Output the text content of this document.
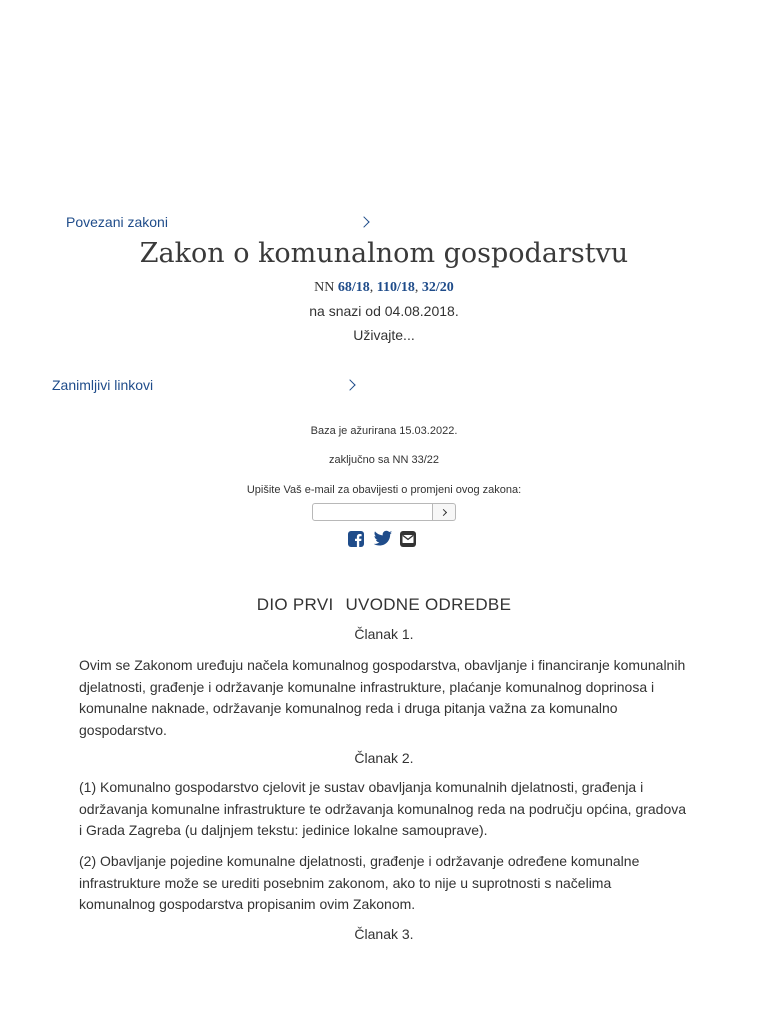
Povezani zakoni
Zakon o komunalnom gospodarstvu
NN 68/18, 110/18, 32/20
na snazi od 04.08.2018.
Uživajte...
Zanimljivi linkovi
Baza je ažurirana 15.03.2022.
zaključno sa NN 33/22
Upišite Vaš e-mail za obavijesti o promjeni ovog zakona:
DIO PRVI UVODNE ODREDBE
Članak 1.

Ovim se Zakonom uređuju načela komunalnog gospodarstva, obavljanje i financiranje komunalnih djelatnosti, građenje i održavanje komunalne infrastrukture, plaćanje komunalnog doprinosa i komunalne naknade, održavanje komunalnog reda i druga pitanja važna za komunalno gospodarstvo.

Članak 2.

(1) Komunalno gospodarstvo cjelovit je sustav obavljanja komunalnih djelatnosti, građenja i održavanja komunalne infrastrukture te održavanja komunalnog reda na području općina, gradova i Grada Zagreba (u daljnjem tekstu: jedinice lokalne samouprave).

(2) Obavljanje pojedine komunalne djelatnosti, građenje i održavanje određene komunalne infrastrukture može se urediti posebnim zakonom, ako to nije u suprotnosti s načelima komunalnog gospodarstva propisanim ovim Zakonom.

Članak 3.
